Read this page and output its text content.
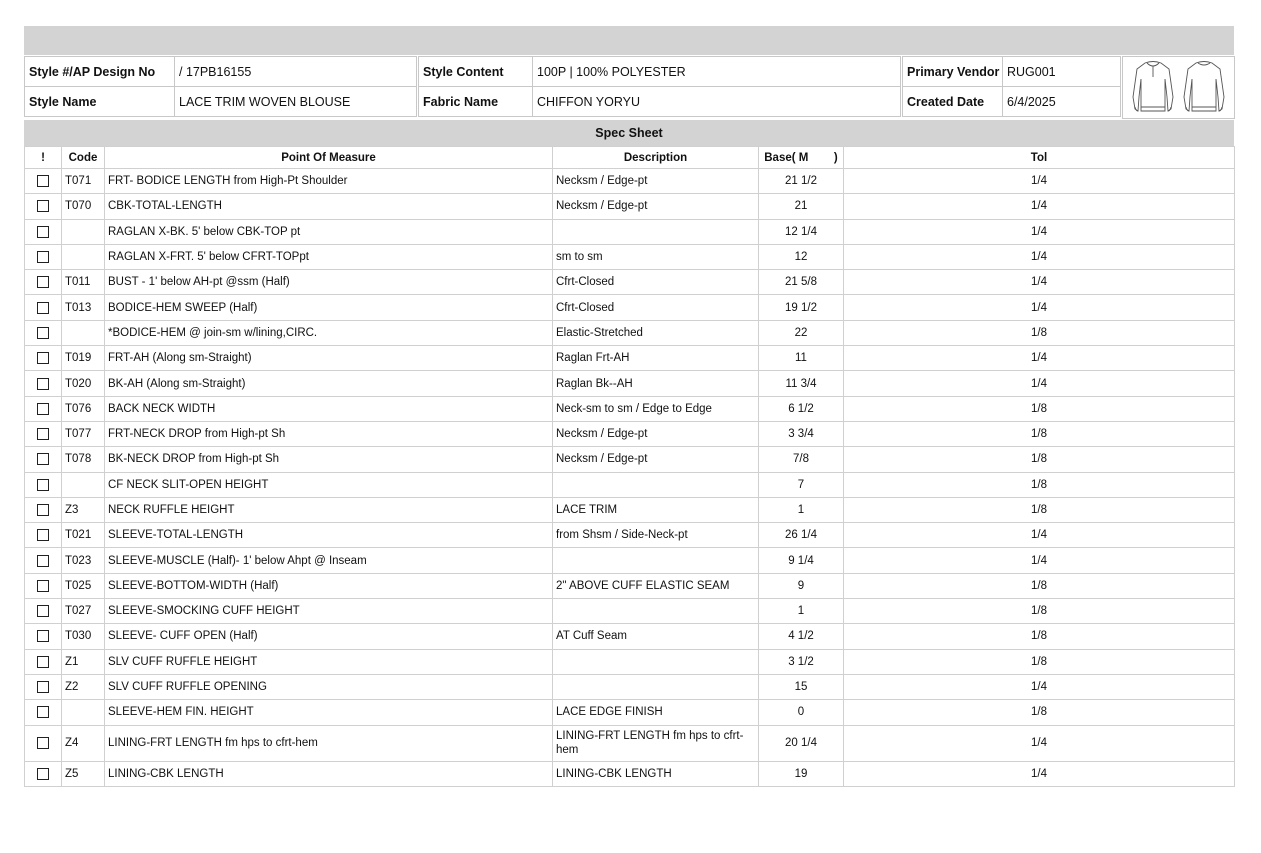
Style #/AP Design No	/ 17PB16155
Style Name	LACE TRIM WOVEN BLOUSE
Style Content	100P | 100% POLYESTER
Fabric Name	CHIFFON YORYU
Primary Vendor	RUG001
Created Date	6/4/2025
Spec Sheet
!	Code	Point Of Measure	Description	Base( M        )	Tol
	T071	FRT- BODICE LENGTH from High-Pt Shoulder	Necksm / Edge-pt	21 1/2	1/4
	T070	CBK-TOTAL-LENGTH	Necksm / Edge-pt	21	1/4
		RAGLAN X-BK. 5' below CBK-TOP pt		12 1/4	1/4
		RAGLAN X-FRT. 5' below CFRT-TOPpt	sm to sm	12	1/4
	T011	BUST - 1' below AH-pt @ssm (Half)	Cfrt-Closed	21 5/8	1/4
	T013	BODICE-HEM SWEEP (Half)	Cfrt-Closed	19 1/2	1/4
		*BODICE-HEM @ join-sm w/lining,CIRC.	Elastic-Stretched	22	1/8
	T019	FRT-AH (Along sm-Straight)	Raglan Frt-AH	11	1/4
	T020	BK-AH (Along sm-Straight)	Raglan Bk--AH	11 3/4	1/4
	T076	BACK NECK WIDTH	Neck-sm to sm / Edge to Edge	6 1/2	1/8
	T077	FRT-NECK DROP from High-pt Sh	Necksm / Edge-pt	3 3/4	1/8
	T078	BK-NECK DROP from High-pt Sh	Necksm / Edge-pt	7/8	1/8
		CF NECK SLIT-OPEN HEIGHT		7	1/8
	Z3	NECK RUFFLE HEIGHT	LACE TRIM	1	1/8
	T021	SLEEVE-TOTAL-LENGTH	from Shsm / Side-Neck-pt	26 1/4	1/4
	T023	SLEEVE-MUSCLE (Half)- 1' below Ahpt @ Inseam		9 1/4	1/4
	T025	SLEEVE-BOTTOM-WIDTH (Half)	2" ABOVE CUFF ELASTIC SEAM	9	1/8
	T027	SLEEVE-SMOCKING CUFF HEIGHT		1	1/8
	T030	SLEEVE- CUFF OPEN (Half)	AT Cuff Seam	4 1/2	1/8
	Z1	SLV CUFF RUFFLE HEIGHT		3 1/2	1/8
	Z2	SLV CUFF RUFFLE OPENING		15	1/4
		SLEEVE-HEM FIN. HEIGHT	LACE EDGE FINISH	0	1/8
	Z4	LINING-FRT LENGTH fm hps to cfrt-hem	LINING-FRT LENGTH fm hps to cfrt-hem	20 1/4	1/4
	Z5	LINING-CBK LENGTH	LINING-CBK LENGTH	19	1/4
